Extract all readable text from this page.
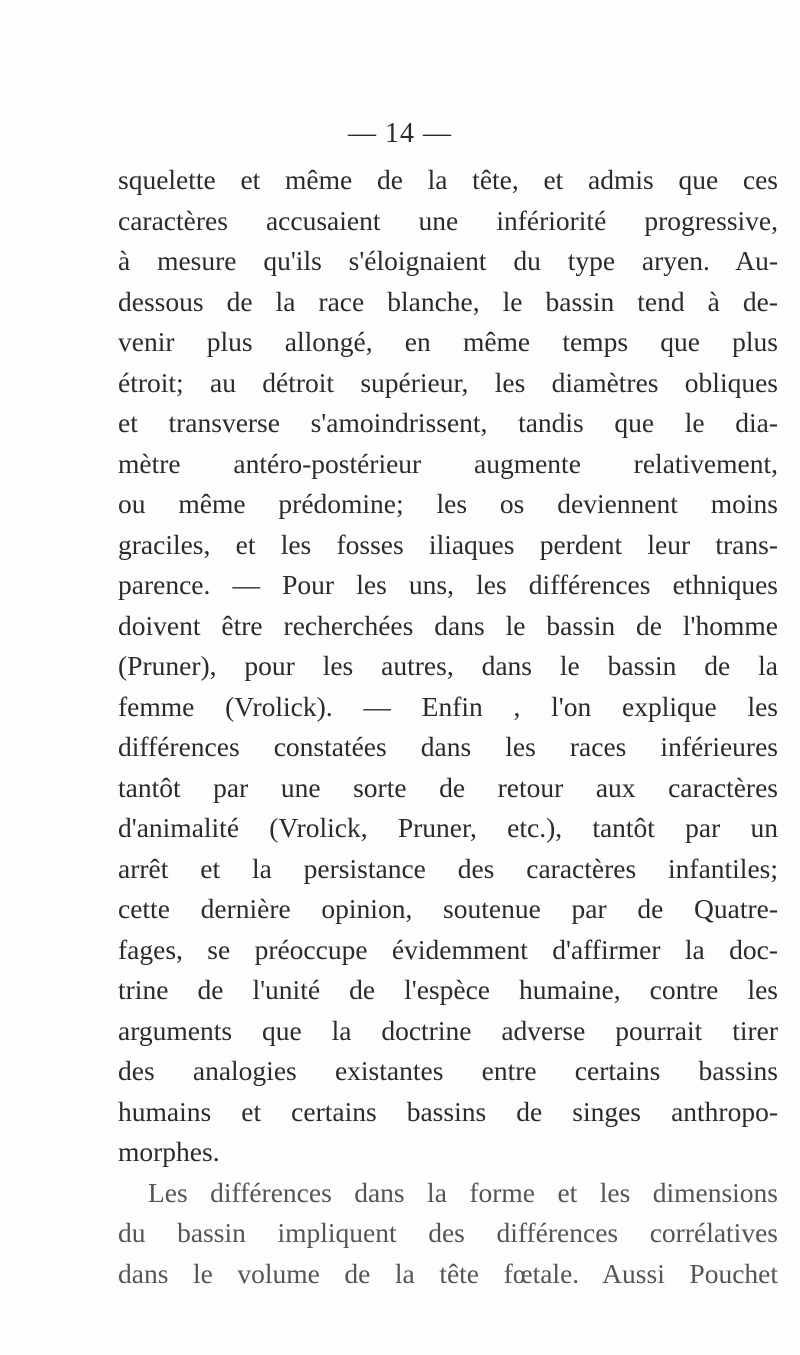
— 14 —
squelette et même de la tête, et admis que ces
caractères accusaient une infériorité progressive,
à mesure qu'ils s'éloignaient du type aryen. Au-
dessous de la race blanche, le bassin tend à de-
venir plus allongé, en même temps que plus
étroit; au détroit supérieur, les diamètres obliques
et transverse s'amoindrissent, tandis que le dia-
mètre antéro-postérieur augmente relativement,
ou même prédomine; les os deviennent moins
graciles, et les fosses iliaques perdent leur trans-
parence. — Pour les uns, les différences ethniques
doivent être recherchées dans le bassin de l'homme
(Pruner), pour les autres, dans le bassin de la
femme (Vrolick). — Enfin , l'on explique les
différences constatées dans les races inférieures
tantôt par une sorte de retour aux caractères
d'animalité (Vrolick, Pruner, etc.), tantôt par un
arrêt et la persistance des caractères infantiles;
cette dernière opinion, soutenue par de Quatre-
fages, se préoccupe évidemment d'affirmer la doc-
trine de l'unité de l'espèce humaine, contre les
arguments que la doctrine adverse pourrait tirer
des analogies existantes entre certains bassins
humains et certains bassins de singes anthropo-
morphes.
Les différences dans la forme et les dimensions
du bassin impliquent des différences corrélatives
dans le volume de la tête fœtale. Aussi Pouchet
